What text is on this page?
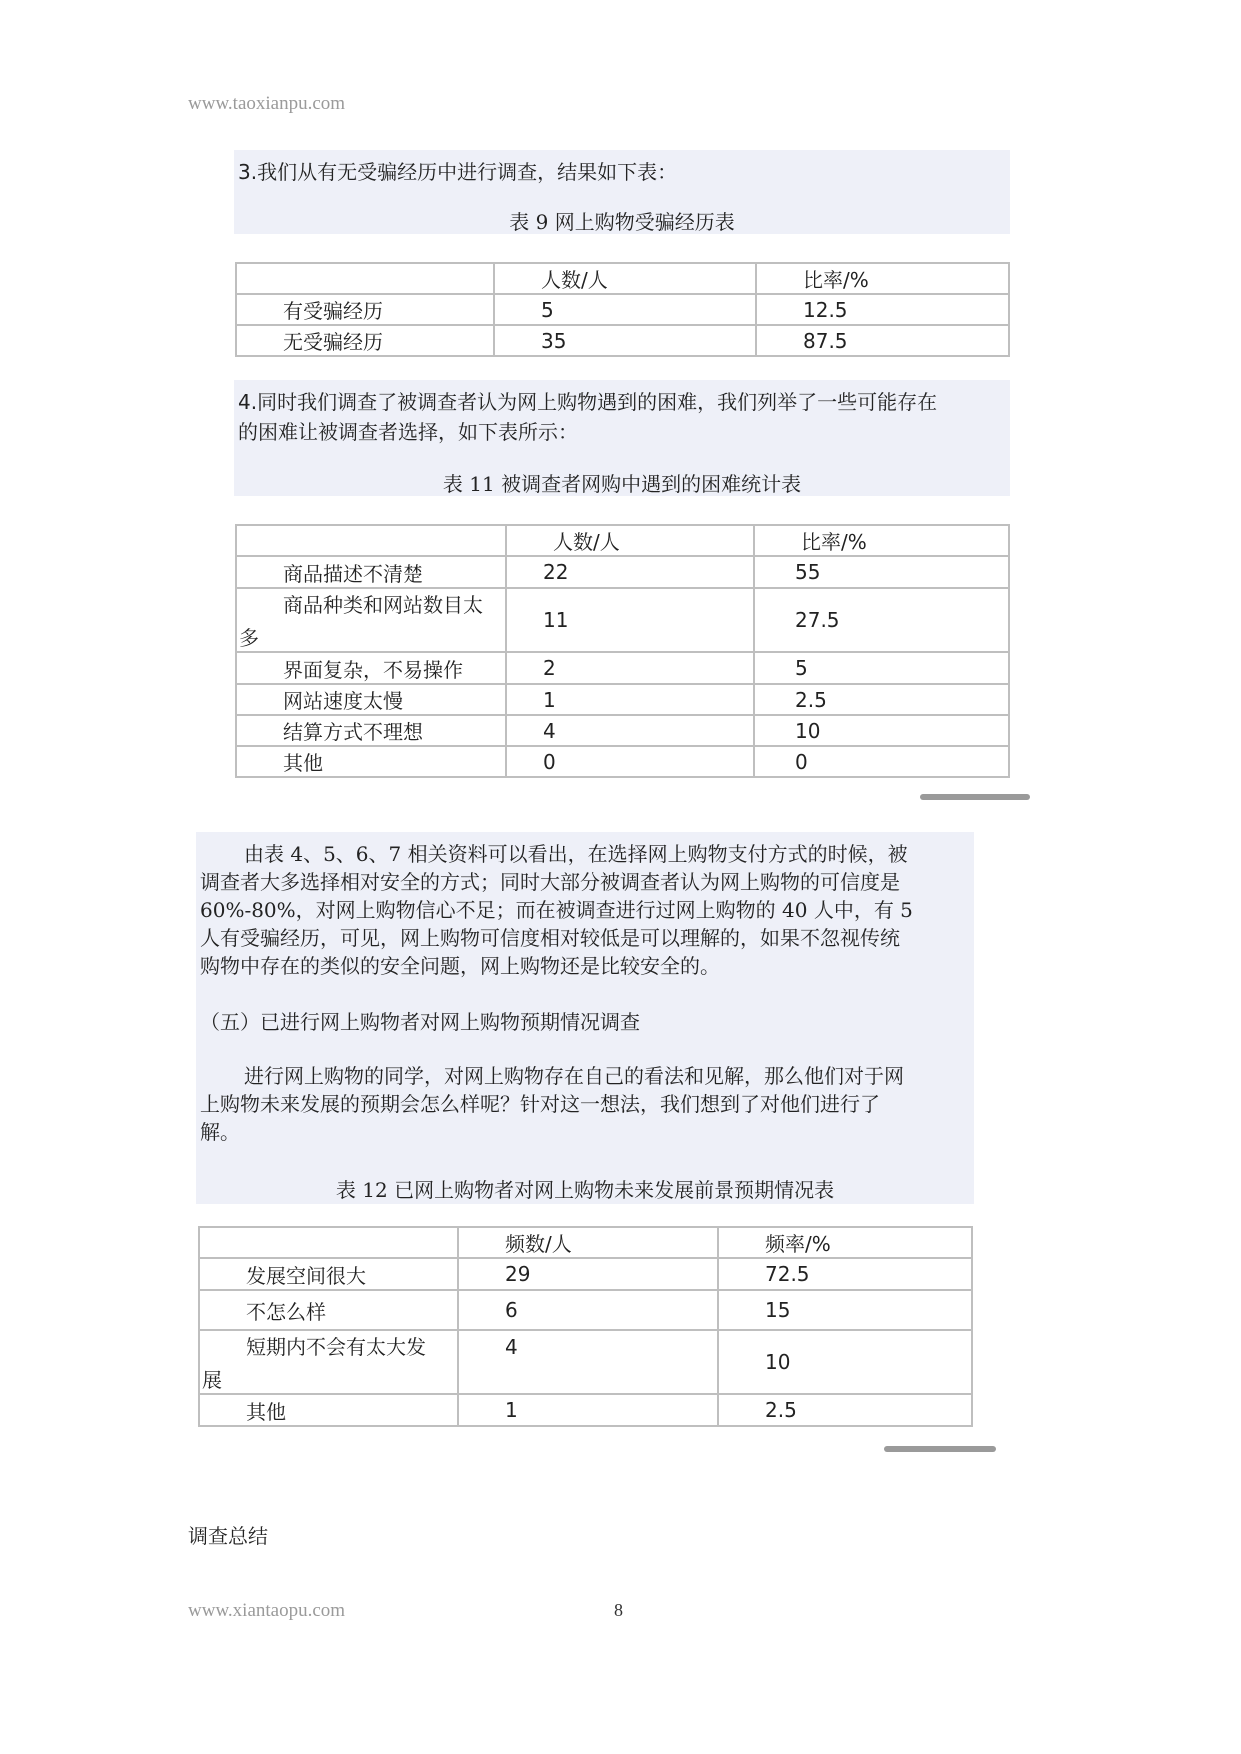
www.taoxianpu.com

3.我们从有无受骗经历中进行调查，结果如下表：

表 9 网上购物受骗经历表
	人数/人	比率/%
有受骗经历	5	12.5
无受骗经历	35	87.5

4.同时我们调查了被调查者认为网上购物遇到的困难，我们列举了一些可能存在

的困难让被调查者选择，如下表所示：

表 11 被调查者网购中遇到的困难统计表
	人数/人	比率/%
商品描述不清楚	22	55

商品种类和网站数目太
多	11	27.5
界面复杂，不易操作	2	5
网站速度太慢	1	2.5
结算方式不理想	4	10
其他	0	0

由表 4、5、6、7 相关资料可以看出，在选择网上购物支付方式的时候，被

调查者大多选择相对安全的方式；同时大部分被调查者认为网上购物的可信度是

60%-80%，对网上购物信心不足；而在被调查进行过网上购物的 40 人中，有 5

人有受骗经历，可见，网上购物可信度相对较低是可以理解的，如果不忽视传统

购物中存在的类似的安全问题，网上购物还是比较安全的。

（五）已进行网上购物者对网上购物预期情况调查

进行网上购物的同学，对网上购物存在自己的看法和见解，那么他们对于网

上购物未来发展的预期会怎么样呢？针对这一想法，我们想到了对他们进行了

解。

表 12 已网上购物者对网上购物未来发展前景预期情况表
	频数/人	频率/%
发展空间很大	29	72.5
不怎么样	6	15

短期内不会有太大发
展	4	10
其他	1	2.5
调查总结
www.xiantaopu.com	8
